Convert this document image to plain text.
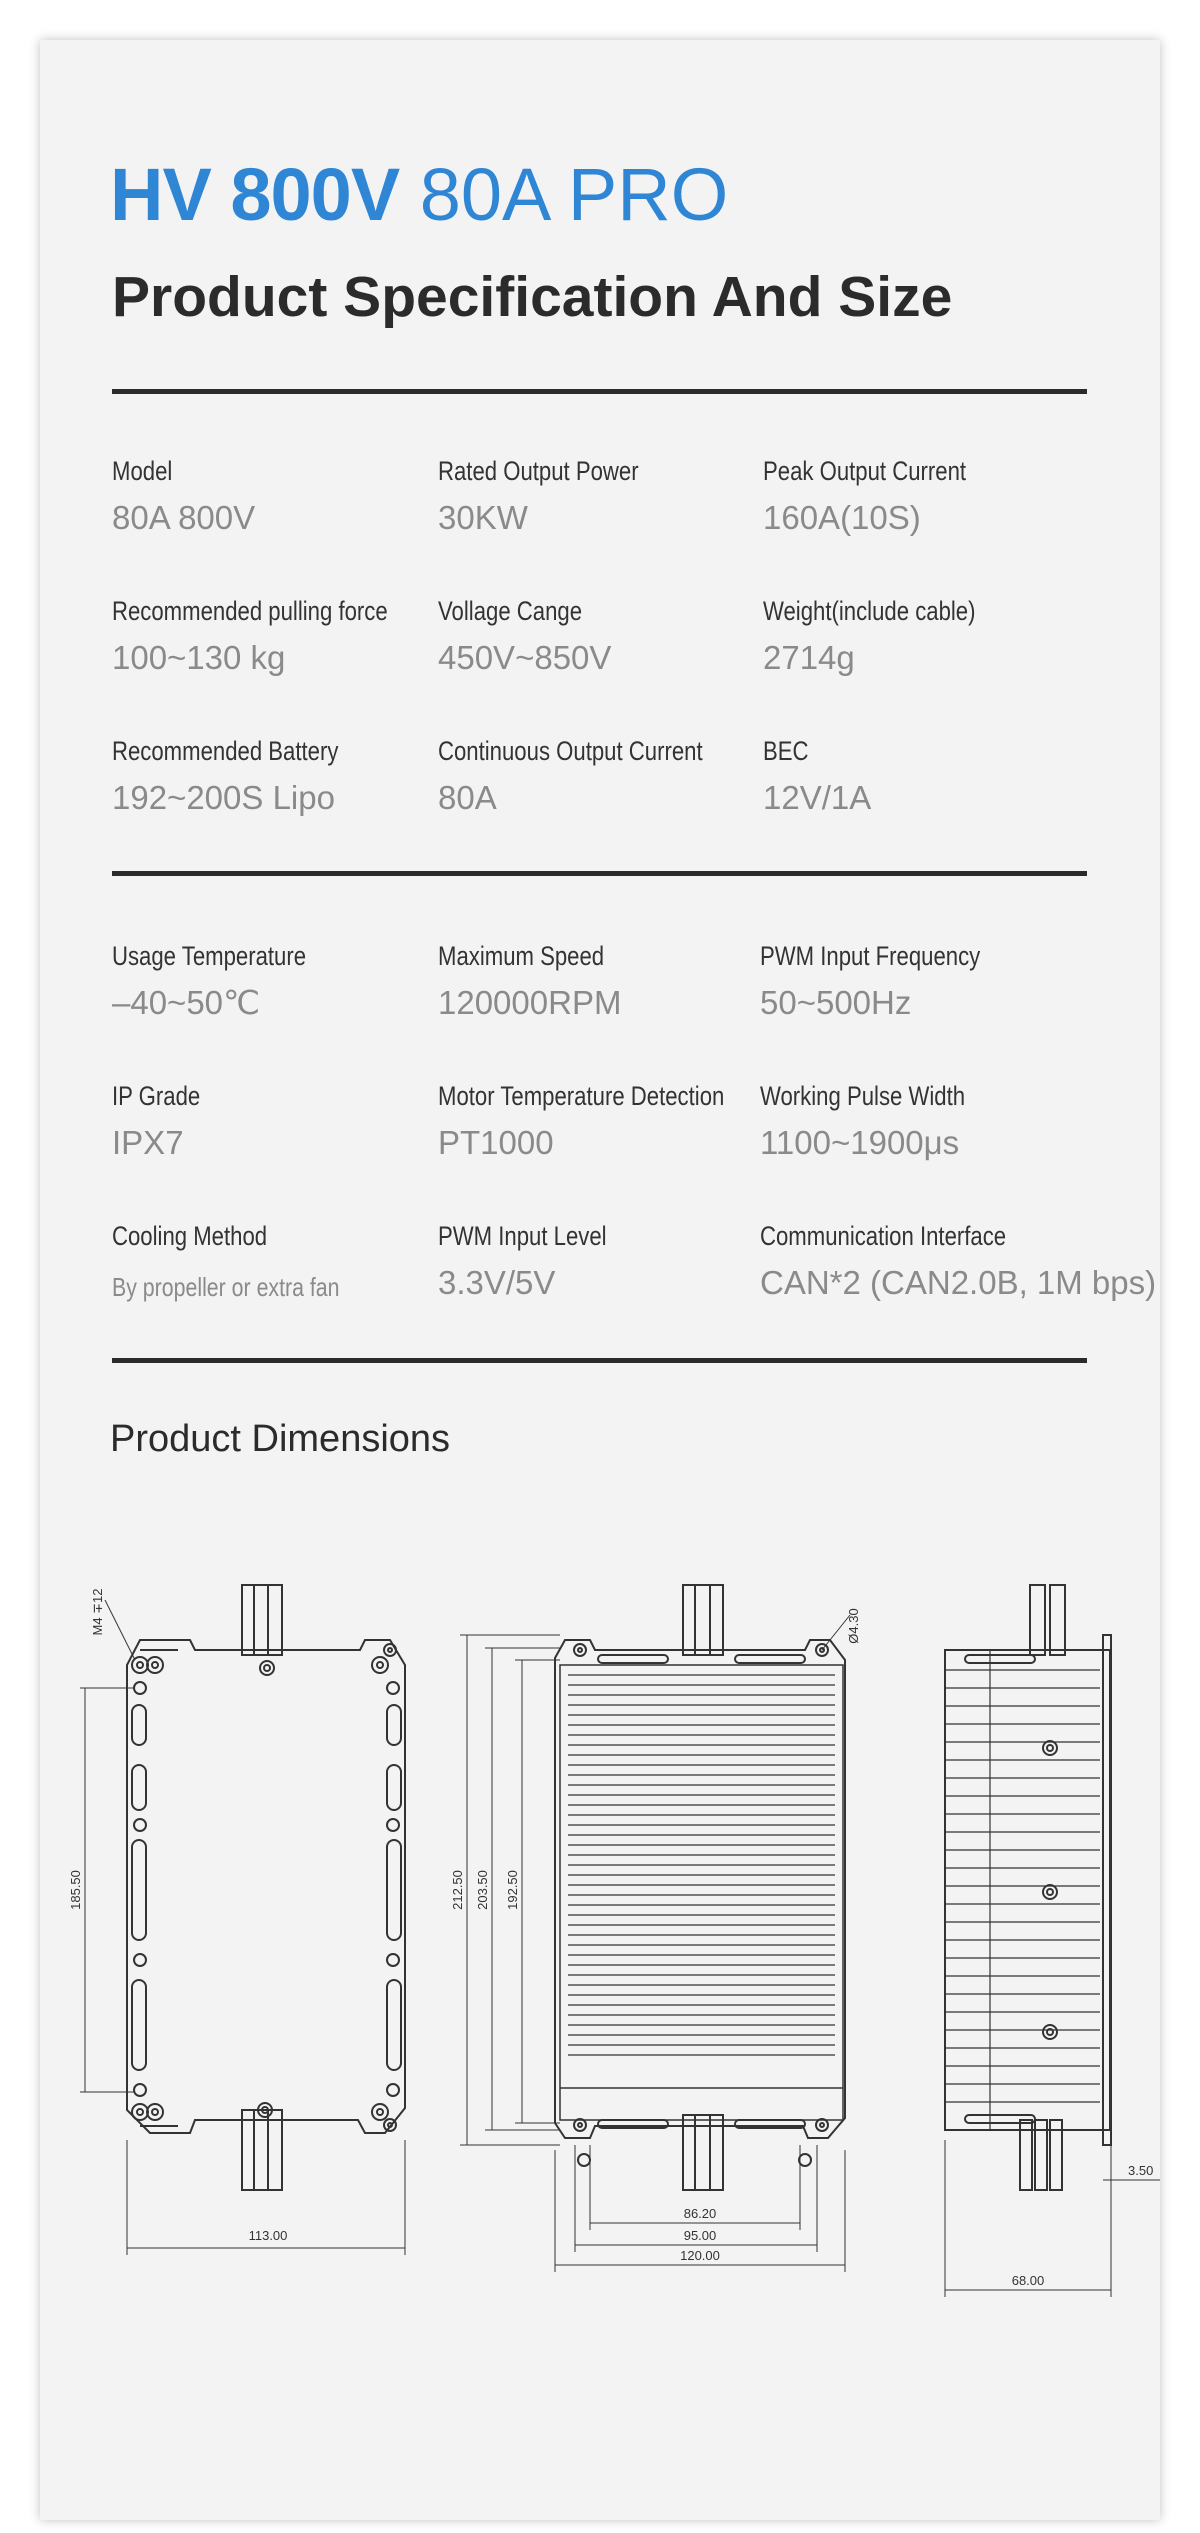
HV 800V 80A PRO
Product Specification And Size
Model
80A 800V
Rated Output Power
30KW
Peak Output Current
160A(10S)
Recommended pulling force
100~130 kg
Vollage Cange
450V~850V
Weight(include cable)
2714g
Recommended Battery
192~200S Lipo
Continuous Output Current
80A
BEC
12V/1A
Usage Temperature
–40~50℃
Maximum Speed
120000RPM
PWM Input Frequency
50~500Hz
IP Grade
IPX7
Motor Temperature Detection
PT1000
Working Pulse Width
1100~1900μs
Cooling Method
By propeller or extra fan
PWM Input Level
3.3V/5V
Communication Interface
CAN*2 (CAN2.0B, 1M bps)
Product Dimensions
113.00
185.50
M4 ∓12
212.50 203.50 192.50
Ø4.30
86.20
95.00
120.00
68.00
3.50
